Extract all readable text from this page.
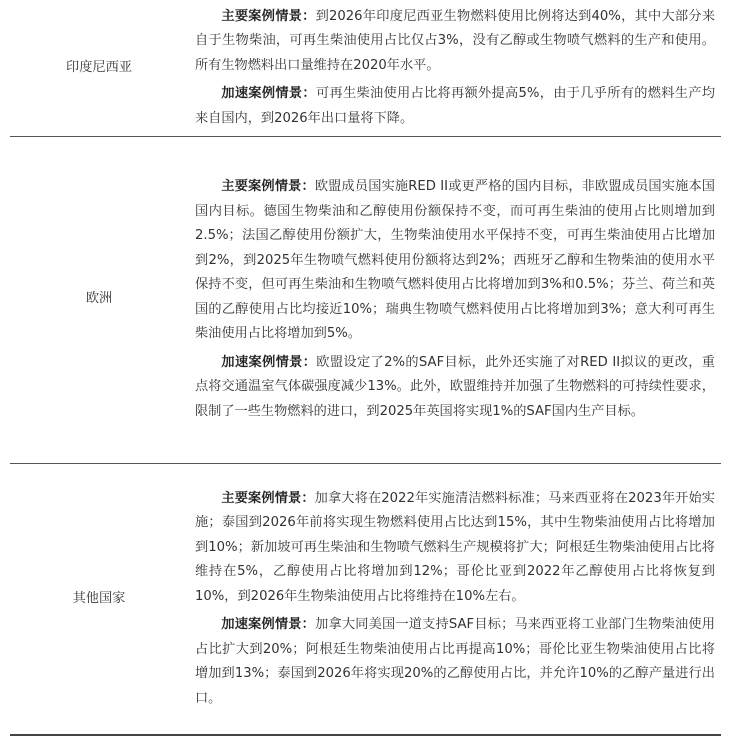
印度尼西亚	主要案例情景：到2026年印度尼西亚生物燃料使用比例将达到40%，其中大部分来自于生物柴油，可再生柴油使用占比仅占3%，没有乙醇或生物喷气燃料的生产和使用。所有生物燃料出口量维持在2020年水平。

加速案例情景：可再生柴油使用占比将再额外提高5%，由于几乎所有的燃料生产均来自国内，到2026年出口量将下降。

欧洲	主要案例情景：欧盟成员国实施RED II或更严格的国内目标，非欧盟成员国实施本国国内目标。德国生物柴油和乙醇使用份额保持不变，而可再生柴油的使用占比则增加到2.5%；法国乙醇使用份额扩大，生物柴油使用水平保持不变，可再生柴油使用占比增加到2%，到2025年生物喷气燃料使用份额将达到2%；西班牙乙醇和生物柴油的使用水平保持不变，但可再生柴油和生物喷气燃料使用占比将增加到3%和0.5%；芬兰、荷兰和英国的乙醇使用占比均接近10%；瑞典生物喷气燃料使用占比将增加到3%；意大利可再生柴油使用占比将增加到5%。

加速案例情景：欧盟设定了2%的SAF目标，此外还实施了对RED II拟议的更改，重点将交通温室气体碳强度减少13%。此外，欧盟维持并加强了生物燃料的可持续性要求，限制了一些生物燃料的进口，到2025年英国将实现1%的SAF国内生产目标。

其他国家	主要案例情景：加拿大将在2022年实施清洁燃料标准；马来西亚将在2023年开始实施；泰国到2026年前将实现生物燃料使用占比达到15%，其中生物柴油使用占比将增加到10%；新加坡可再生柴油和生物喷气燃料生产规模将扩大；阿根廷生物柴油使用占比将维持在5%，乙醇使用占比将增加到12%；哥伦比亚到2022年乙醇使用占比将恢复到10%，到2026年生物柴油使用占比将维持在10%左右。

加速案例情景：加拿大同美国一道支持SAF目标；马来西亚将工业部门生物柴油使用占比扩大到20%；阿根廷生物柴油使用占比再提高10%；哥伦比亚生物柴油使用占比将增加到13%；泰国到2026年将实现20%的乙醇使用占比，并允许10%的乙醇产量进行出口。
